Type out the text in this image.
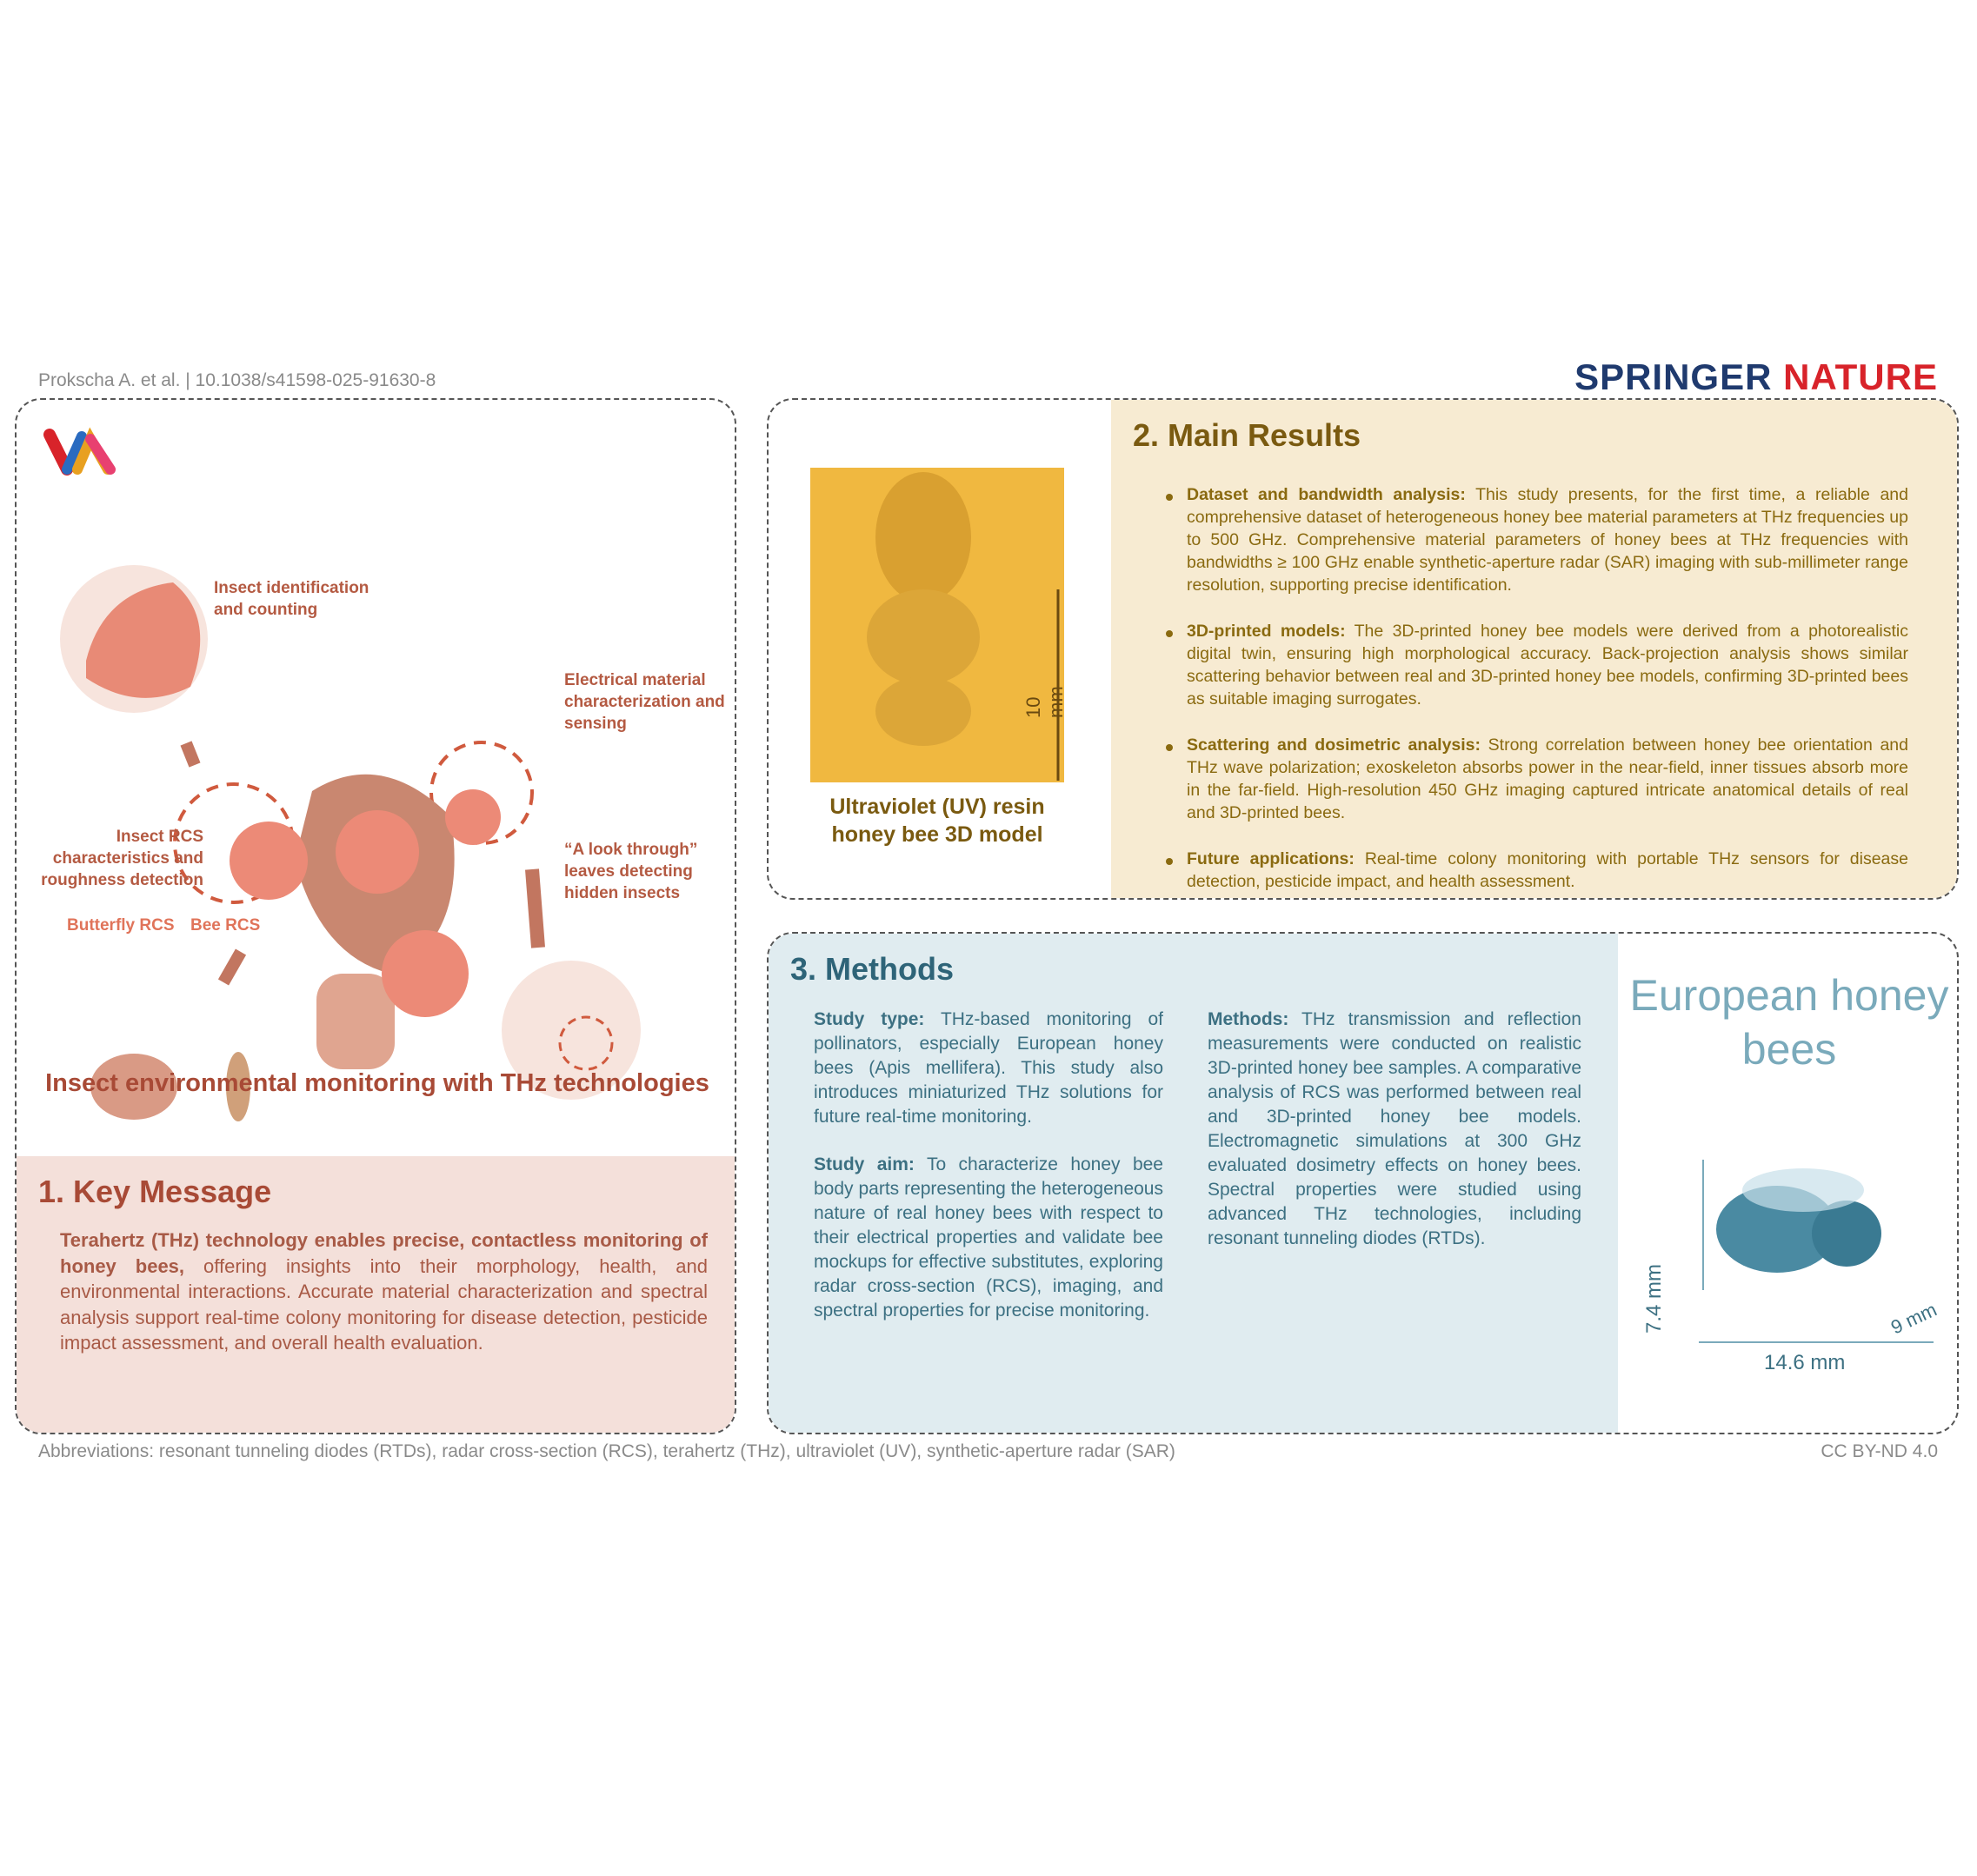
Prokscha A. et al. | 10.1038/s41598-025-91630-8	SPRINGER NATURE
Insect identification and counting
Electrical material characterization and sensing
Insect RCS characteristics and roughness detection
“A look through” leaves detecting hidden insects
Butterfly RCS Bee RCS
Insect environmental monitoring with THz technologies
1. Key Message
Terahertz (THz) technology enables precise, contactless monitoring of honey bees, offering insights into their morphology, health, and environmental interactions. Accurate material characterization and spectral analysis support real-time colony monitoring for disease detection, pesticide impact assessment, and overall health evaluation.
10 mm
Ultraviolet (UV) resin honey bee 3D model
2. Main Results
Dataset and bandwidth analysis: This study presents, for the first time, a reliable and comprehensive dataset of heterogeneous honey bee material parameters at THz frequencies up to 500 GHz. Comprehensive material parameters of honey bees at THz frequencies with bandwidths ≥ 100 GHz enable synthetic-aperture radar (SAR) imaging with sub-millimeter range resolution, supporting precise identification.
3D-printed models: The 3D-printed honey bee models were derived from a photorealistic digital twin, ensuring high morphological accuracy. Back-projection analysis shows similar scattering behavior between real and 3D-printed honey bee models, confirming 3D-printed bees as suitable imaging surrogates.
Scattering and dosimetric analysis: Strong correlation between honey bee orientation and THz wave polarization; exoskeleton absorbs power in the near-field, inner tissues absorb more in the far-field. High-resolution 450 GHz imaging captured intricate anatomical details of real and 3D-printed bees.
Future applications: Real-time colony monitoring with portable THz sensors for disease detection, pesticide impact, and health assessment.
3. Methods

Study type: THz-based monitoring of pollinators, especially European honey bees (Apis mellifera). This study also introduces miniaturized THz solutions for future real-time monitoring.

Study aim: To characterize honey bee body parts representing the heterogeneous nature of real honey bees with respect to their electrical properties and validate bee mockups for effective substitutes, exploring radar cross-section (RCS), imaging, and spectral properties for precise monitoring.

Methods: THz transmission and reflection measurements were conducted on realistic 3D-printed honey bee samples. A comparative analysis of RCS was performed between real and 3D-printed honey bee models. Electromagnetic simulations at 300 GHz evaluated dosimetry effects on honey bees. Spectral properties were studied using advanced THz technologies, including resonant tunneling diodes (RTDs).

European honey bees
7.4 mm	9 mm
14.6 mm
Abbreviations: resonant tunneling diodes (RTDs), radar cross-section (RCS), terahertz (THz), ultraviolet (UV), synthetic-aperture radar (SAR)	CC BY-ND 4.0
